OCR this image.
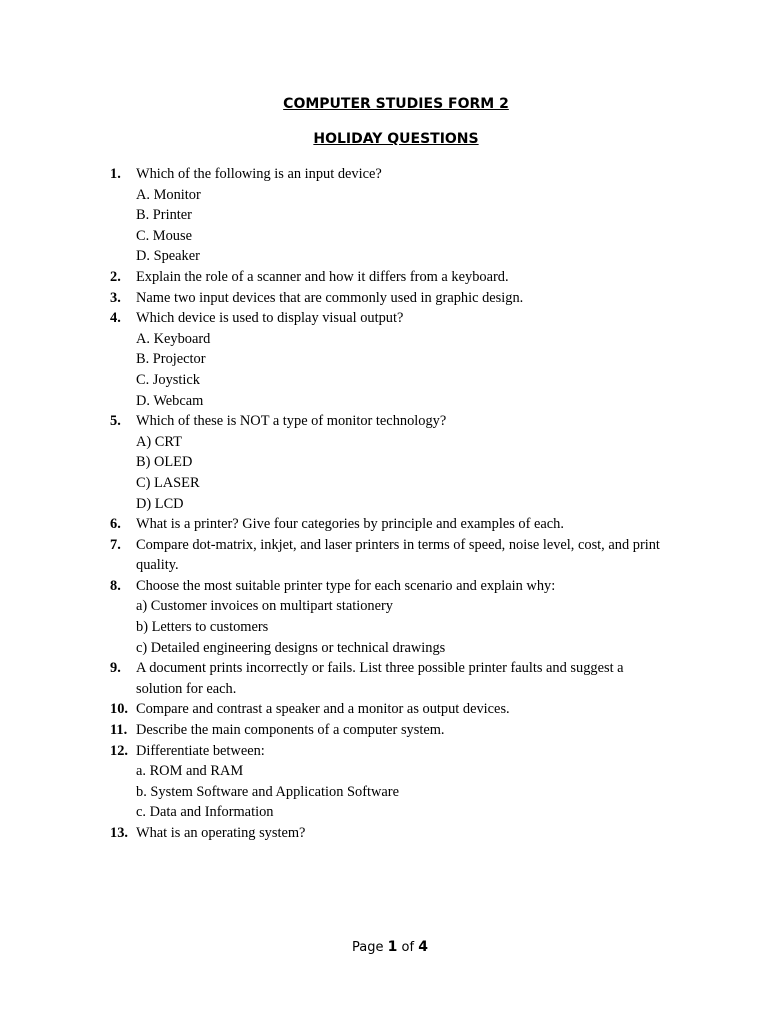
COMPUTER STUDIES FORM 2
HOLIDAY QUESTIONS
1.	Which of the following is an input device?
A. Monitor
B. Printer
C. Mouse
D. Speaker
2.	Explain the role of a scanner and how it differs from a keyboard.
3.	Name two input devices that are commonly used in graphic design.
4.	Which device is used to display visual output?
A. Keyboard
B. Projector
C. Joystick
D. Webcam
5.	Which of these is NOT a type of monitor technology?
A) CRT
B) OLED
C) LASER
D) LCD
6.	What is a printer? Give four categories by principle and examples of each.
7.	Compare dot-matrix, inkjet, and laser printers in terms of speed, noise level, cost, and print quality.
8.	Choose the most suitable printer type for each scenario and explain why:
a) Customer invoices on multipart stationery
b) Letters to customers
c) Detailed engineering designs or technical drawings
9.	A document prints incorrectly or fails. List three possible printer faults and suggest a solution for each.
10. Compare and contrast a speaker and a monitor as output devices.
11. Describe the main components of a computer system.
12. Differentiate between:
a. ROM and RAM
b. System Software and Application Software
c. Data and Information
13. What is an operating system?
Page 1 of 4
